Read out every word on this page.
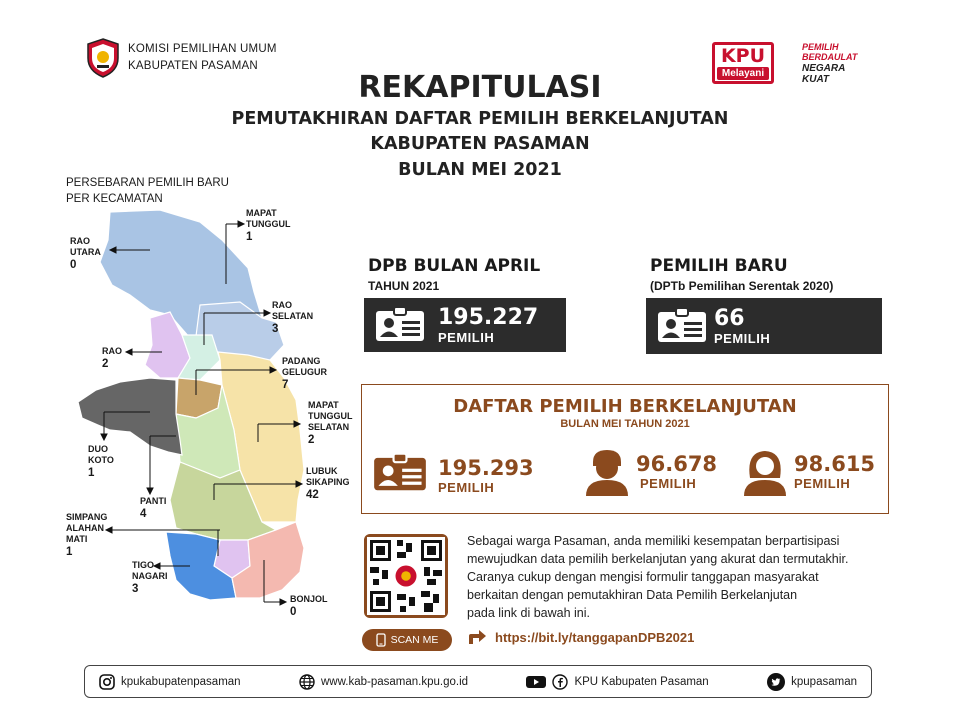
KOMISI PEMILIHAN UMUM
KABUPATEN PASAMAN	KPU
Melayani
PEMILIH
BERDAULAT
NEGARA
KUAT
REKAPITULASI
PEMUTAKHIRAN DAFTAR PEMILIH BERKELANJUTAN
KABUPATEN PASAMAN
BULAN MEI 2021
PERSEBARAN PEMILIH BARU
PER KECAMATAN
RAO
UTARA
0
MAPAT
TUNGGUL
1
RAO
SELATAN
3
RAO
2	PADANG
GELUGUR
7
MAPAT
TUNGGUL SELATAN
2
DUO
KOTO
1
PANTI
4
LUBUK
SIKAPING
42
SIMPANG
ALAHAN MATI
1
TIGO
NAGARI
3
BONJOL
0
DPB BULAN APRIL
TAHUN 2021
195.227
PEMILIH
PEMILIH BARU
(DPTb Pemilihan Serentak 2020)
66
PEMILIH
DAFTAR PEMILIH BERKELANJUTAN
BULAN MEI TAHUN 2021
195.293
PEMILIH
96.678
PEMILIH
98.615
PEMILIH
SCAN ME
Sebagai warga Pasaman, anda memiliki kesempatan berpartisipasi
mewujudkan data pemilih berkelanjutan yang akurat dan termutakhir.
Caranya cukup dengan mengisi formulir tanggapan masyarakat
berkaitan dengan pemutakhiran Data Pemilih Berkelanjutan
pada link di bawah ini.
https://bit.ly/tanggapanDPB2021
kpukabupatenpasaman	www.kab-pasaman.kpu.go.id	KPU Kabupaten Pasaman	kpupasaman
